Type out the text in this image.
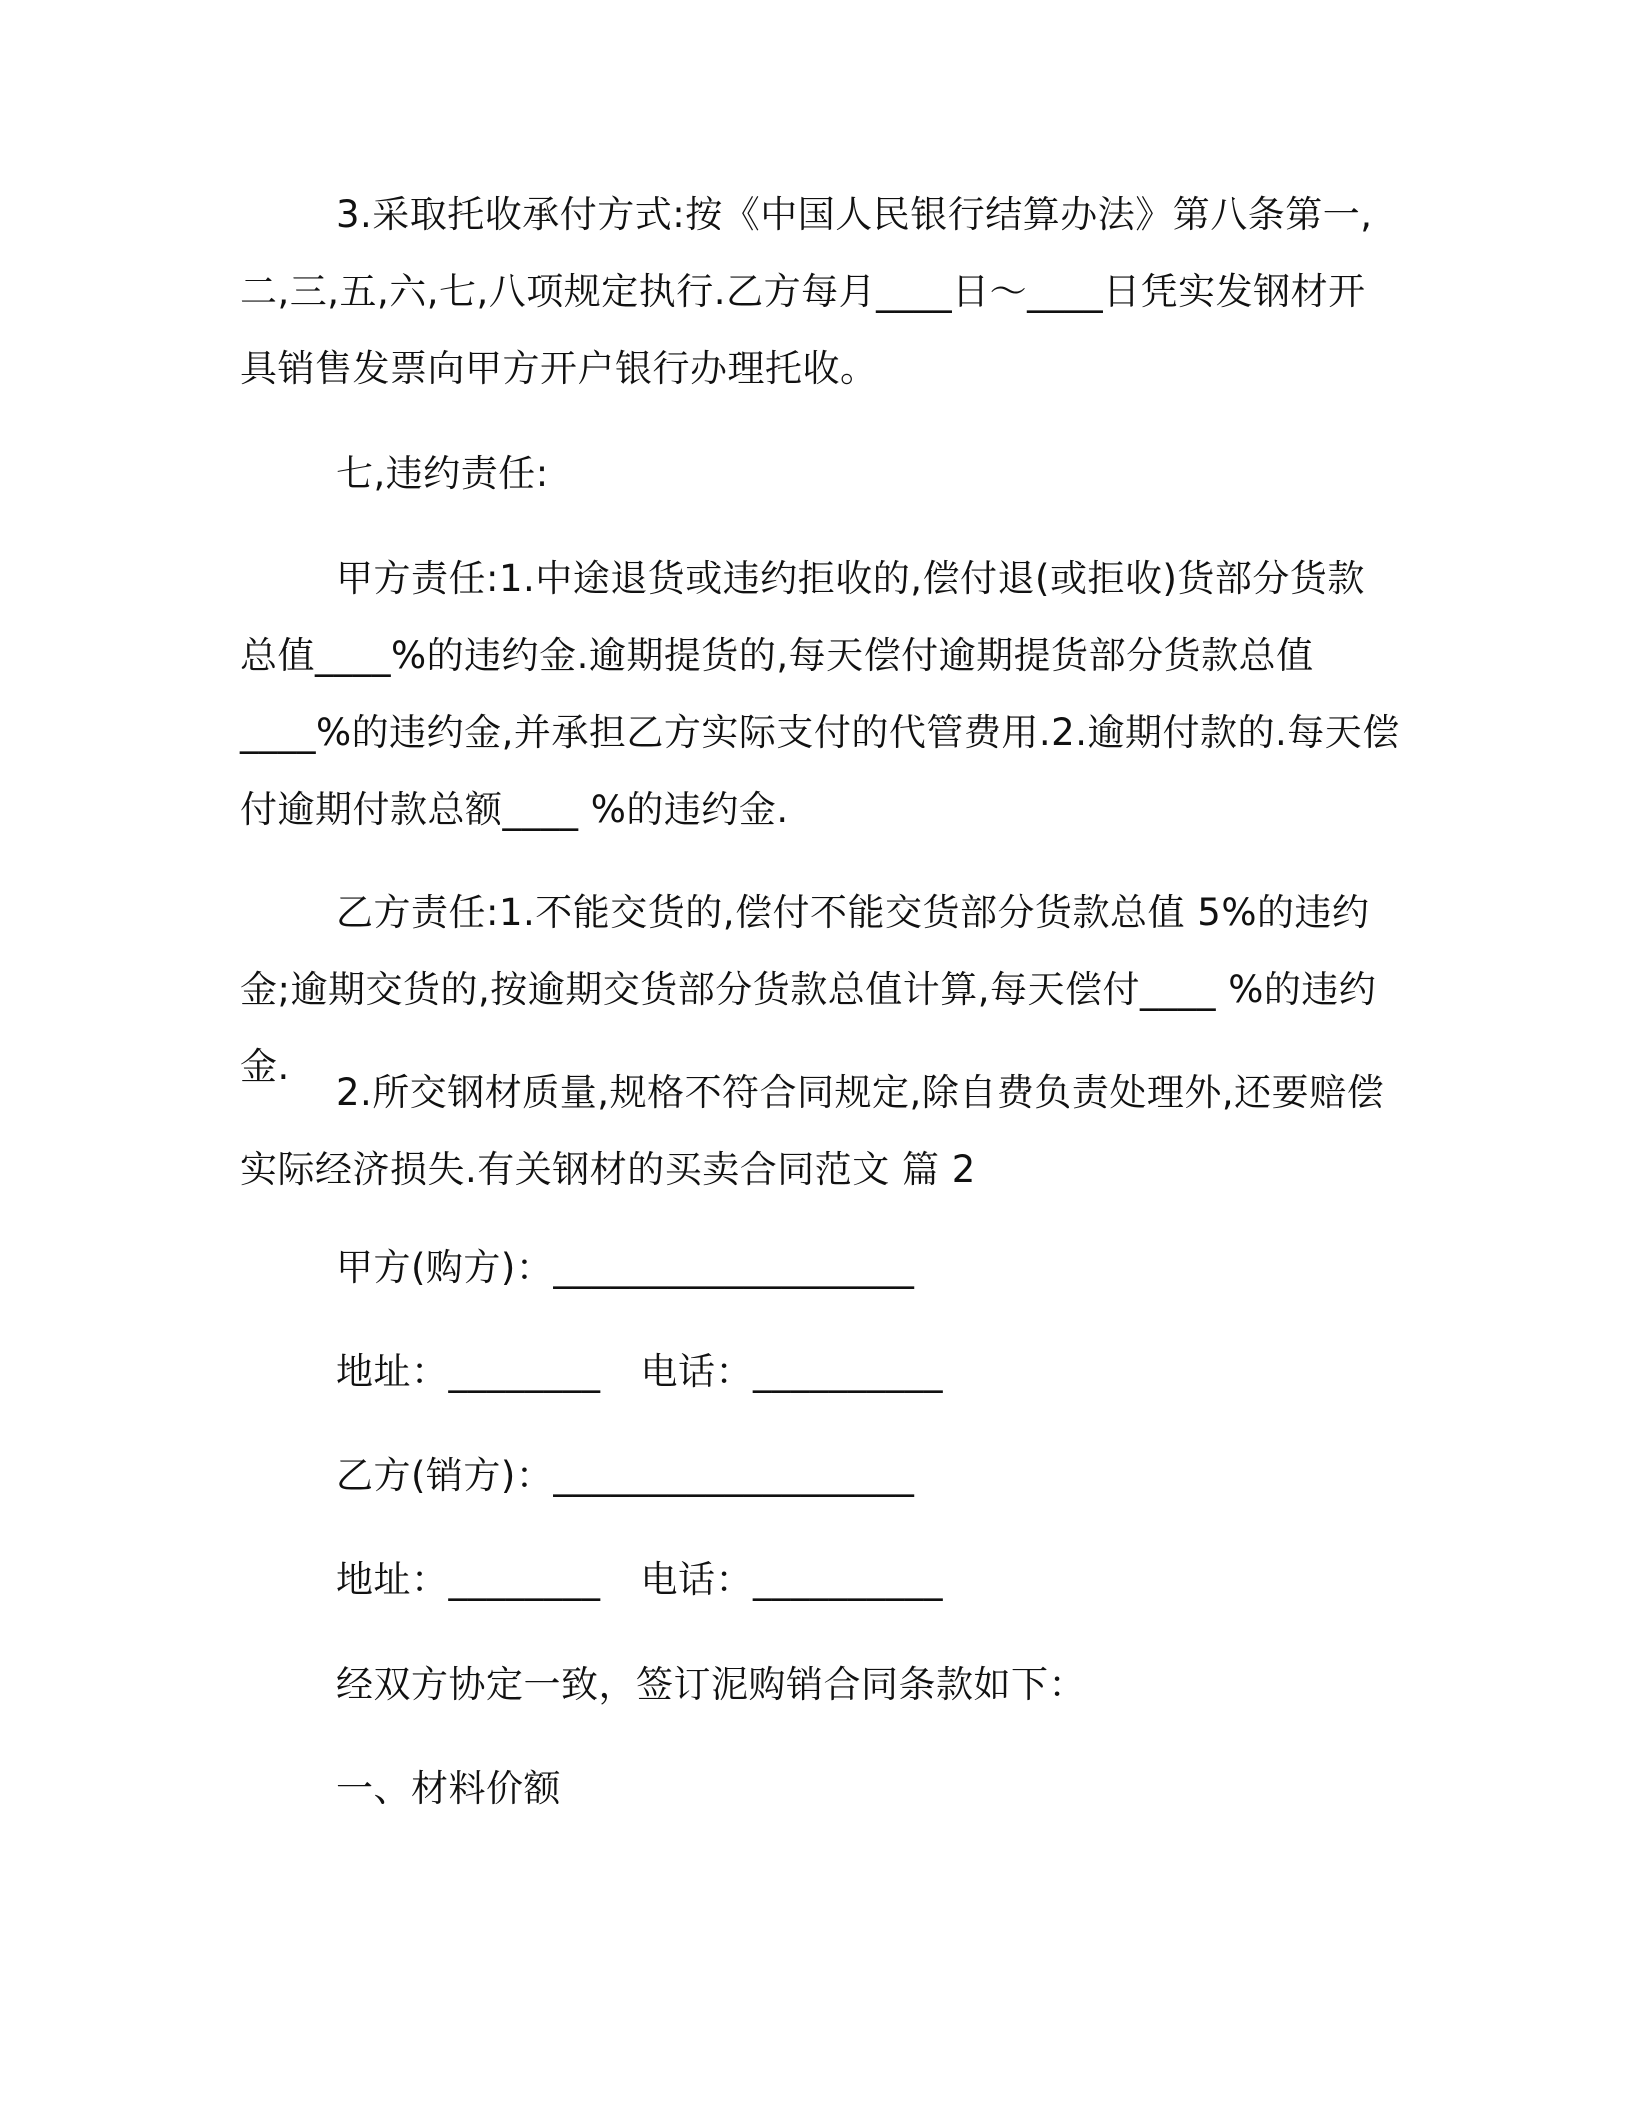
3.采取托收承付方式:按《中国人民银行结算办法》第八条第一,二,三,五,六,七,八项规定执行.乙方每月____日～____日凭实发钢材开具销售发票向甲方开户银行办理托收。

七,违约责任:

甲方责任:1.中途退货或违约拒收的,偿付退(或拒收)货部分货款总值____%的违约金.逾期提货的,每天偿付逾期提货部分货款总值____%的违约金,并承担乙方实际支付的代管费用.2.逾期付款的.每天偿付逾期付款总额____ %的违约金.

乙方责任:1.不能交货的,偿付不能交货部分货款总值 5%的违约金;逾期交货的,按逾期交货部分货款总值计算,每天偿付____ %的违约金.

2.所交钢材质量,规格不符合同规定,除自费负责处理外,还要赔偿实际经济损失.有关钢材的买卖合同范文 篇 2

甲方(购方)：___________________

地址：________ 电话：__________

乙方(销方)：___________________

地址：________ 电话：__________

经双方协定一致，签订泥购销合同条款如下：

一、材料价额
